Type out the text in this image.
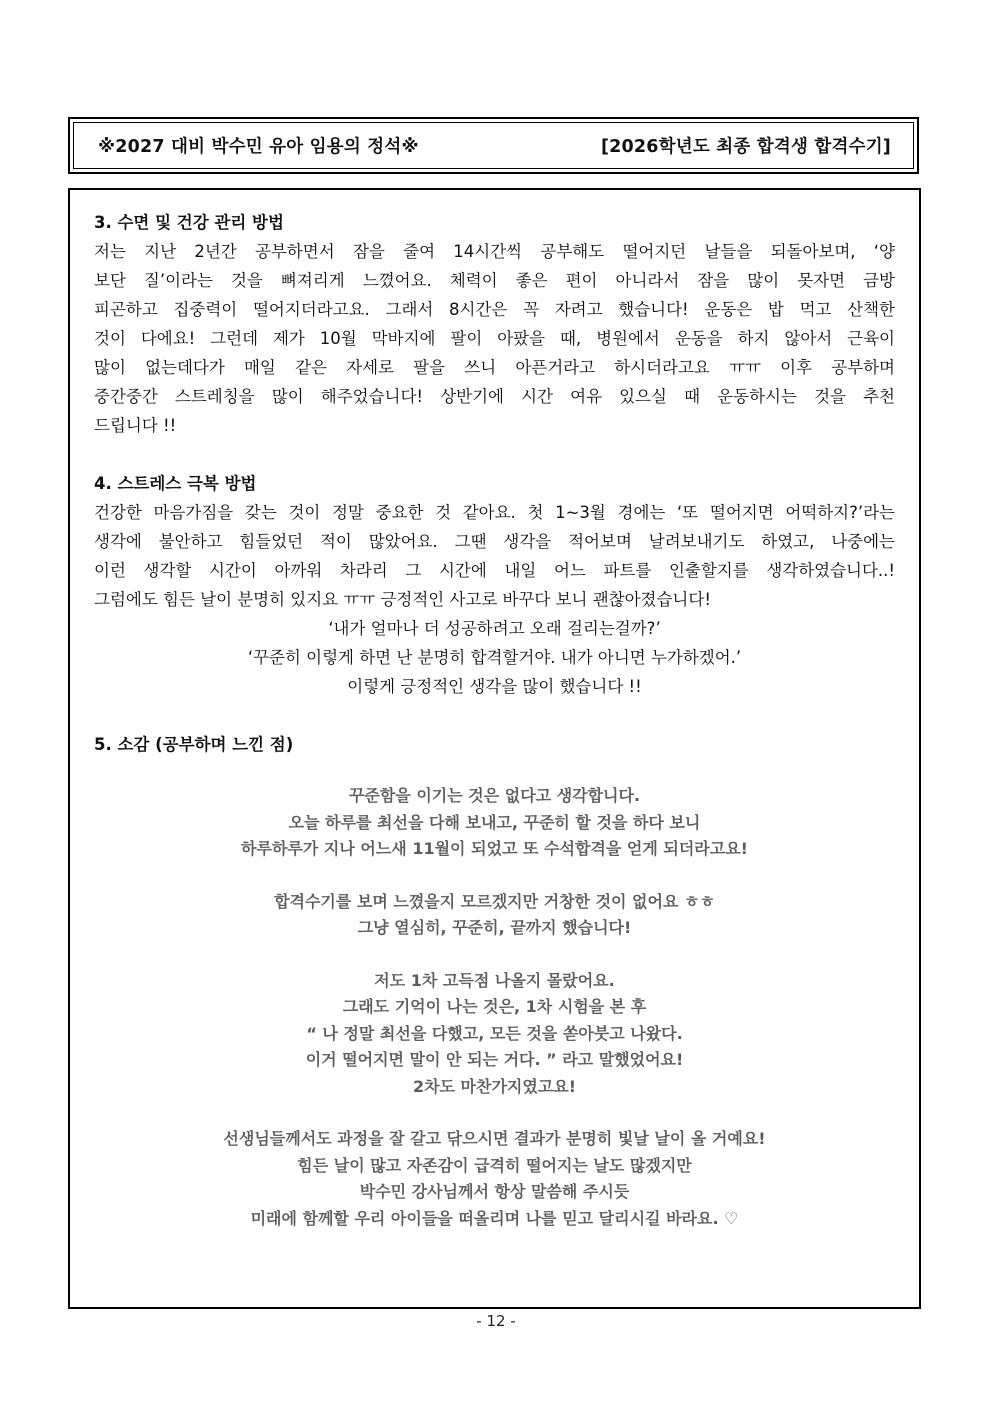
※2027 대비 박수민 유아 임용의 정석※	[2026학년도 최종 합격생 합격수기]

3. 수면 및 건강 관리 방법

저는 지난 2년간 공부하면서 잠을 줄여 14시간씩 공부해도 떨어지던 날들을 되돌아보며, ‘양
보단 질’이라는 것을 뼈져리게 느꼈어요. 체력이 좋은 편이 아니라서 잠을 많이 못자면 금방
피곤하고 집중력이 떨어지더라고요. 그래서 8시간은 꼭 자려고 했습니다! 운동은 밥 먹고 산책한
것이 다에요! 그런데 제가 10월 막바지에 팔이 아팠을 때, 병원에서 운동을 하지 않아서 근육이
많이 없는데다가 매일 같은 자세로 팔을 쓰니 아픈거라고 하시더라고요 ㅠㅠ 이후 공부하며
중간중간 스트레칭을 많이 해주었습니다! 상반기에 시간 여유 있으실 때 운동하시는 것을 추천
드립니다 !!

4. 스트레스 극복 방법

건강한 마음가짐을 갖는 것이 정말 중요한 것 같아요. 첫 1~3월 경에는 ‘또 떨어지면 어떡하지?’라는
생각에 불안하고 힘들었던 적이 많았어요. 그땐 생각을 적어보며 날려보내기도 하였고, 나중에는
이런 생각할 시간이 아까워 차라리 그 시간에 내일 어느 파트를 인출할지를 생각하였습니다..!
그럼에도 힘든 날이 분명히 있지요 ㅠㅠ 긍정적인 사고로 바꾸다 보니 괜찮아졌습니다!

‘내가 얼마나 더 성공하려고 오래 걸리는걸까?’

‘꾸준히 이렇게 하면 난 분명히 합격할거야. 내가 아니면 누가하겠어.’

이렇게 긍정적인 생각을 많이 했습니다 !!

5. 소감 (공부하며 느낀 점)

꾸준함을 이기는 것은 없다고 생각합니다.

오늘 하루를 최선을 다해 보내고, 꾸준히 할 것을 하다 보니

하루하루가 지나 어느새 11월이 되었고 또 수석합격을 얻게 되더라고요!

합격수기를 보며 느꼈을지 모르겠지만 거창한 것이 없어요 ㅎㅎ

그냥 열심히, 꾸준히, 끝까지 했습니다!

저도 1차 고득점 나올지 몰랐어요.

그래도 기억이 나는 것은, 1차 시험을 본 후

“ 나 정말 최선을 다했고, 모든 것을 쏟아붓고 나왔다.

이거 떨어지면 말이 안 되는 거다. ” 라고 말했었어요!

2차도 마찬가지였고요!

선생님들께서도 과정을 잘 갈고 닦으시면 결과가 분명히 빛날 날이 올 거예요!

힘든 날이 많고 자존감이 급격히 떨어지는 날도 많겠지만

박수민 강사님께서 항상 말씀해 주시듯

미래에 함께할 우리 아이들을 떠올리며 나를 믿고 달리시길 바라요. ♡

- 12 -
